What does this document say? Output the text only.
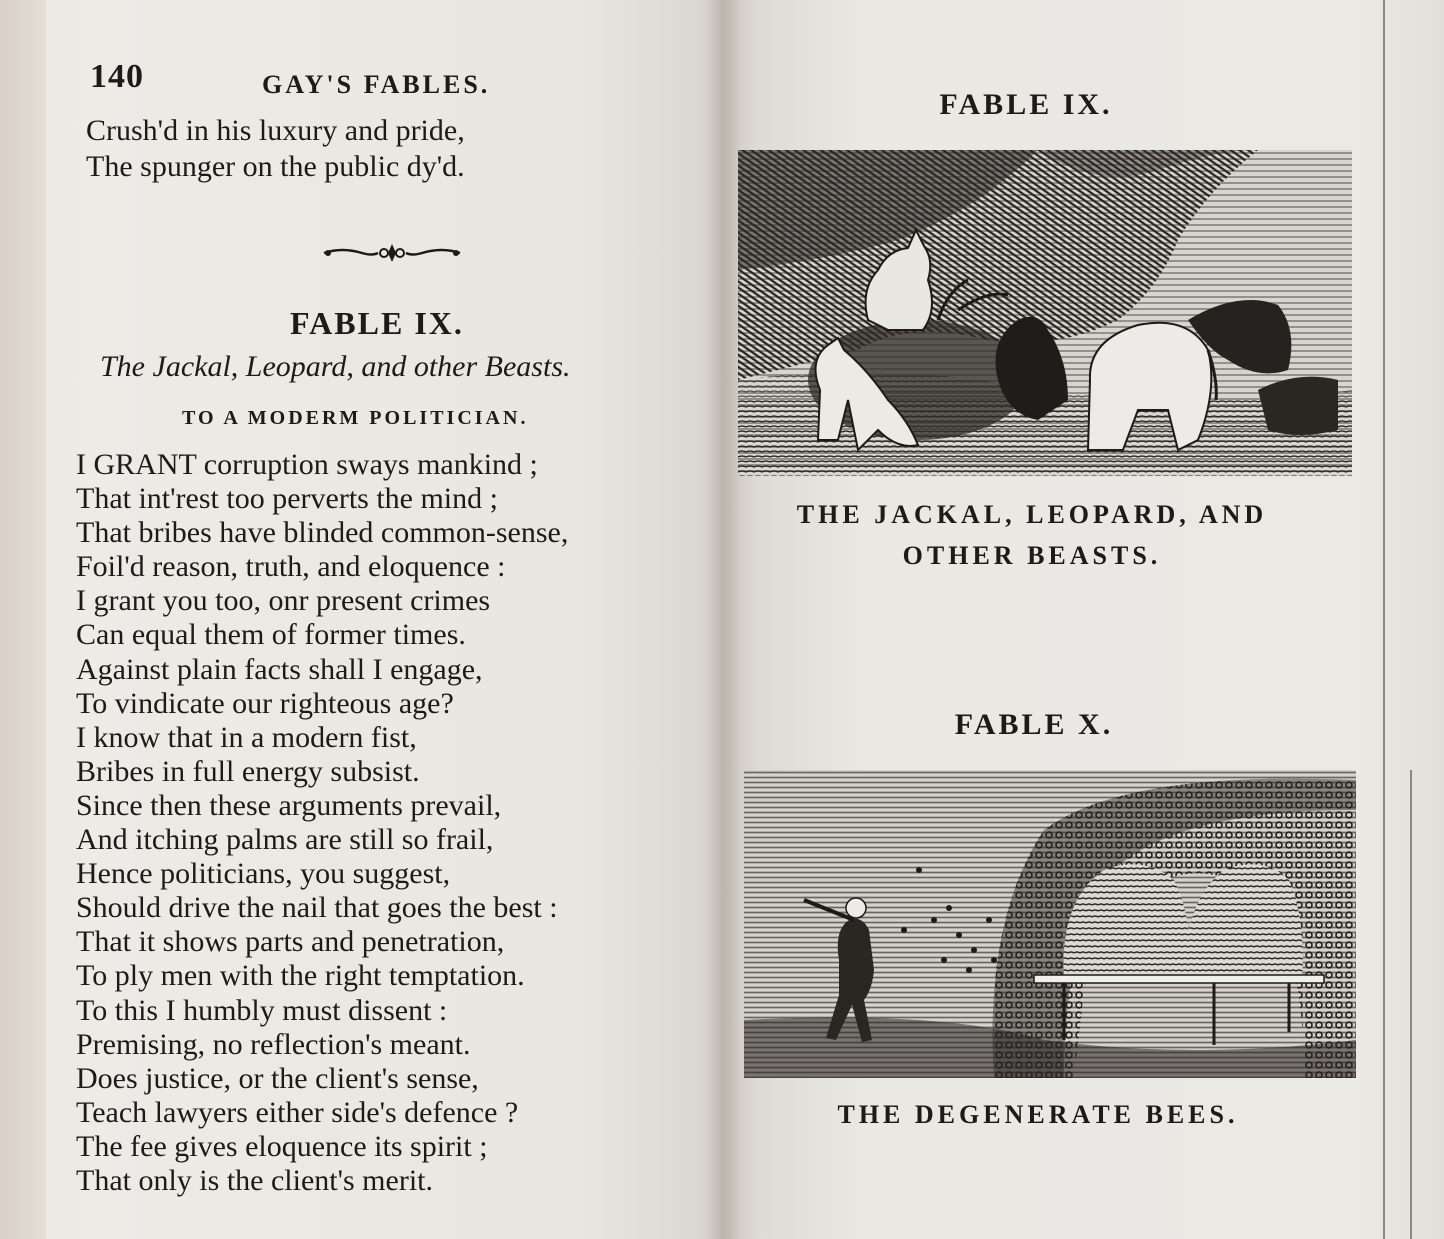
140	GAY'S FABLES.
Crush'd in his luxury and pride,
The spunger on the public dy'd.
FABLE IX.
The Jackal, Leopard, and other Beasts.
TO A MODERM POLITICIAN.
I GRANT corruption sways mankind ;
That int'rest too perverts the mind ;
That bribes have blinded common-sense,
Foil'd reason, truth, and eloquence :
I grant you too, onr present crimes
Can equal them of former times.
Against plain facts shall I engage,
To vindicate our righteous age?
I know that in a modern fist,
Bribes in full energy subsist.
Since then these arguments prevail,
And itching palms are still so frail,
Hence politicians, you suggest,
Should drive the nail that goes the best :
That it shows parts and penetration,
To ply men with the right temptation.
To this I humbly must dissent :
Premising, no reflection's meant.
Does justice, or the client's sense,
Teach lawyers either side's defence ?
The fee gives eloquence its spirit ;
That only is the client's merit.
FABLE IX.
THE JACKAL, LEOPARD, AND
OTHER BEASTS.
FABLE X.
THE DEGENERATE BEES.
